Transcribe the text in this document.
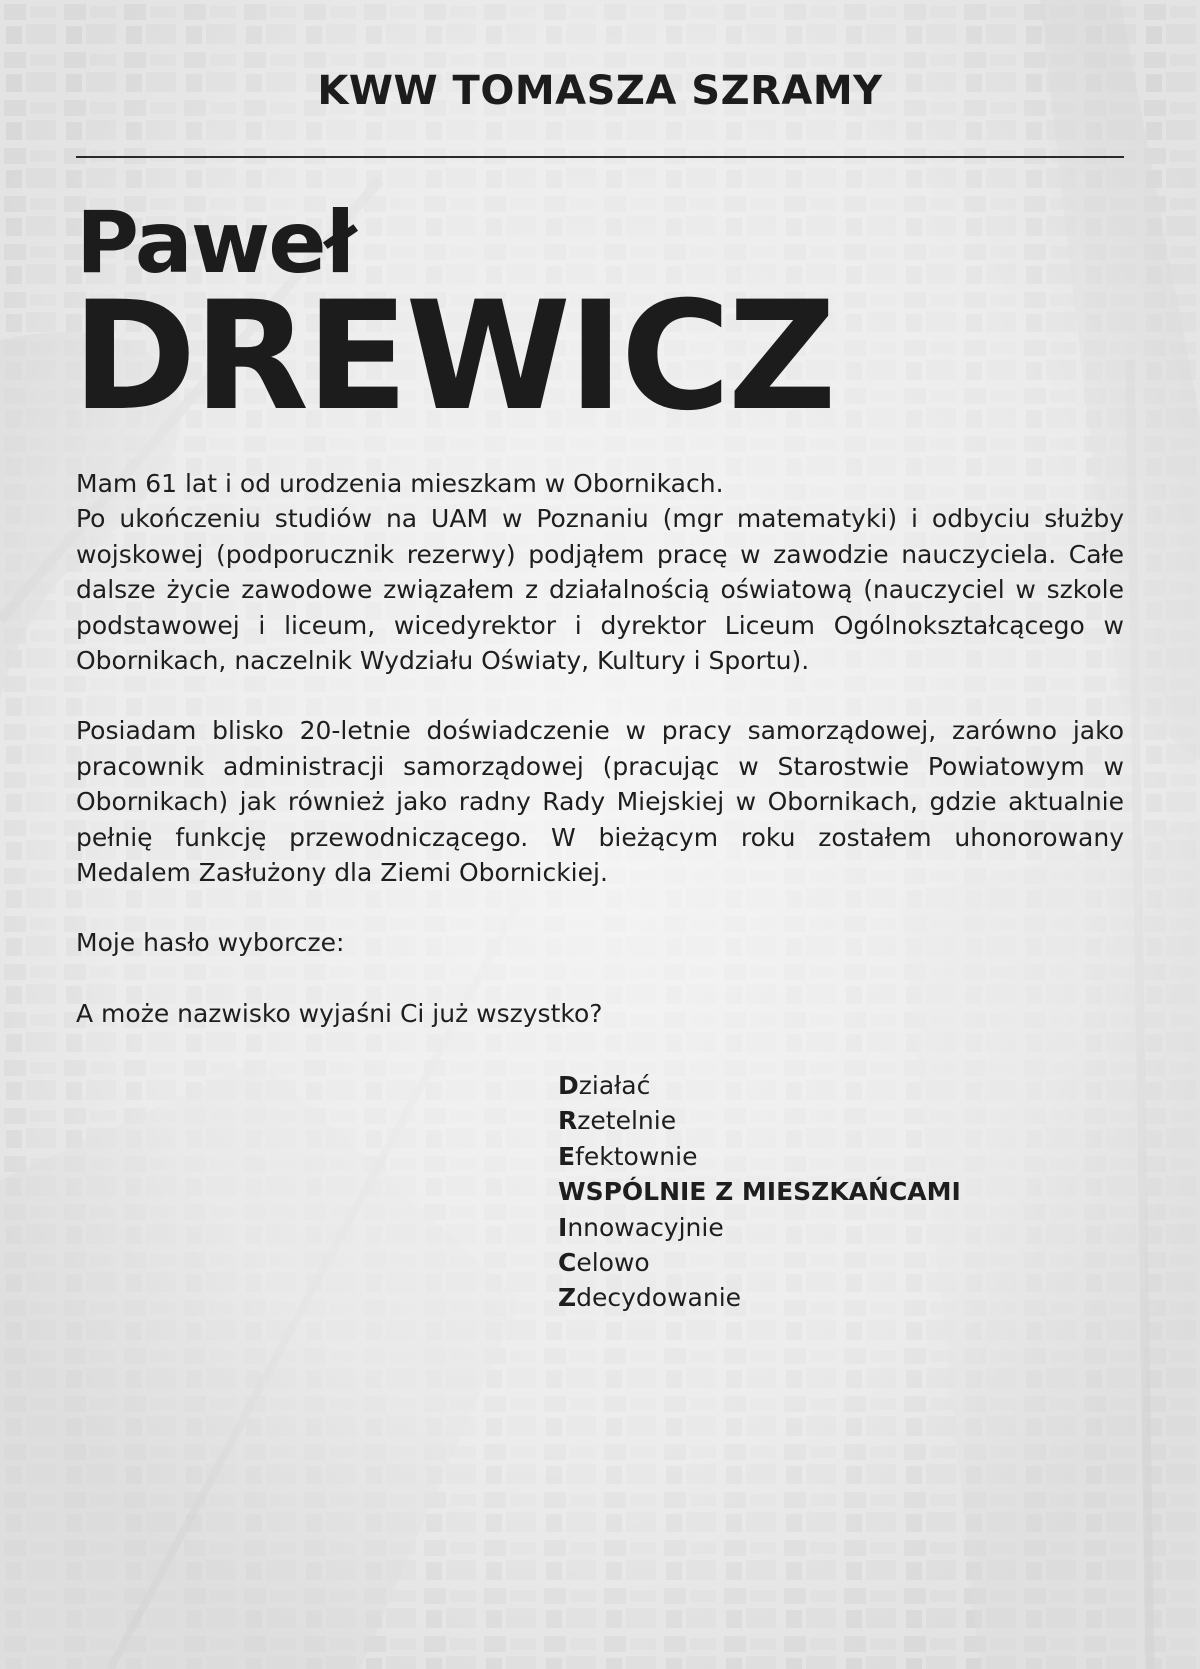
KWW TOMASZA SZRAMY
Paweł
DREWICZ

Mam 61 lat i od urodzenia mieszkam w Obornikach.

Po ukończeniu studiów na UAM w Poznaniu (mgr matematyki) i odbyciu służby wojskowej (podporucznik rezerwy) podjąłem pracę w zawodzie nauczyciela. Całe dalsze życie zawodowe związałem z działalnością oświatową (nauczyciel w szkole podstawowej i liceum, wicedyrektor i dyrektor Liceum Ogólnokształcącego w Obornikach, naczelnik Wydziału Oświaty, Kultury i Sportu).

Posiadam blisko 20-letnie doświadczenie w pracy samorządowej, zarówno jako pracownik administracji samorządowej (pracując w Starostwie Powiatowym w Obornikach) jak również jako radny Rady Miejskiej w Obornikach, gdzie aktualnie pełnię funkcję przewodniczącego. W bieżącym roku zostałem uhonorowany Medalem Zasłużony dla Ziemi Obornickiej.

Moje hasło wyborcze:

A może nazwisko wyjaśni Ci już wszystko?

Działać
Rzetelnie
Efektownie
WSPÓLNIE Z MIESZKAŃCAMI
Innowacyjnie
Celowo
Zdecydowanie
